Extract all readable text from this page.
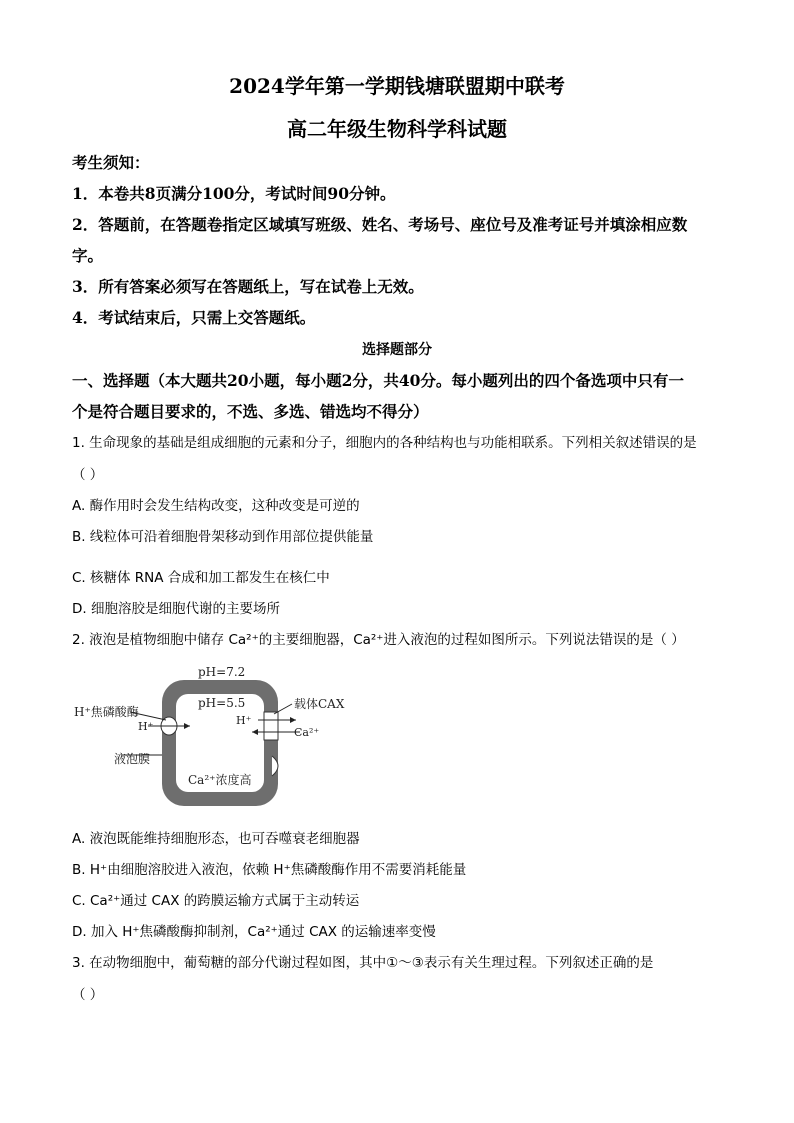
2024学年第一学期钱塘联盟期中联考
高二年级生物科学科试题
考生须知：
1．本卷共8页满分100分，考试时间90分钟。
2．答题前，在答题卷指定区域填写班级、姓名、考场号、座位号及准考证号并填涂相应数
字。
3．所有答案必须写在答题纸上，写在试卷上无效。
4．考试结束后，只需上交答题纸。
选择题部分
一、选择题（本大题共20小题，每小题2分，共40分。每小题列出的四个备选项中只有一
个是符合题目要求的，不选、多选、错选均不得分）
1. 生命现象的基础是组成细胞的元素和分子，细胞内的各种结构也与功能相联系。下列相关叙述错误的是
（ ）
A. 酶作用时会发生结构改变，这种改变是可逆的
B. 线粒体可沿着细胞骨架移动到作用部位提供能量
C. 核糖体 RNA 合成和加工都发生在核仁中
D. 细胞溶胶是细胞代谢的主要场所
2. 液泡是植物细胞中储存 Ca²⁺的主要细胞器，Ca²⁺进入液泡的过程如图所示。下列说法错误的是（ ）
pH=7.2
pH=5.5
H⁺焦磷酸酶
H⁺
载体CAX
H⁺
Ca²⁺
液泡膜
Ca²⁺浓度高
A. 液泡既能维持细胞形态，也可吞噬衰老细胞器
B. H⁺由细胞溶胶进入液泡，依赖 H⁺焦磷酸酶作用不需要消耗能量
C. Ca²⁺通过 CAX 的跨膜运输方式属于主动转运
D. 加入 H⁺焦磷酸酶抑制剂，Ca²⁺通过 CAX 的运输速率变慢
3. 在动物细胞中，葡萄糖的部分代谢过程如图，其中①～③表示有关生理过程。下列叙述正确的是
（ ）
